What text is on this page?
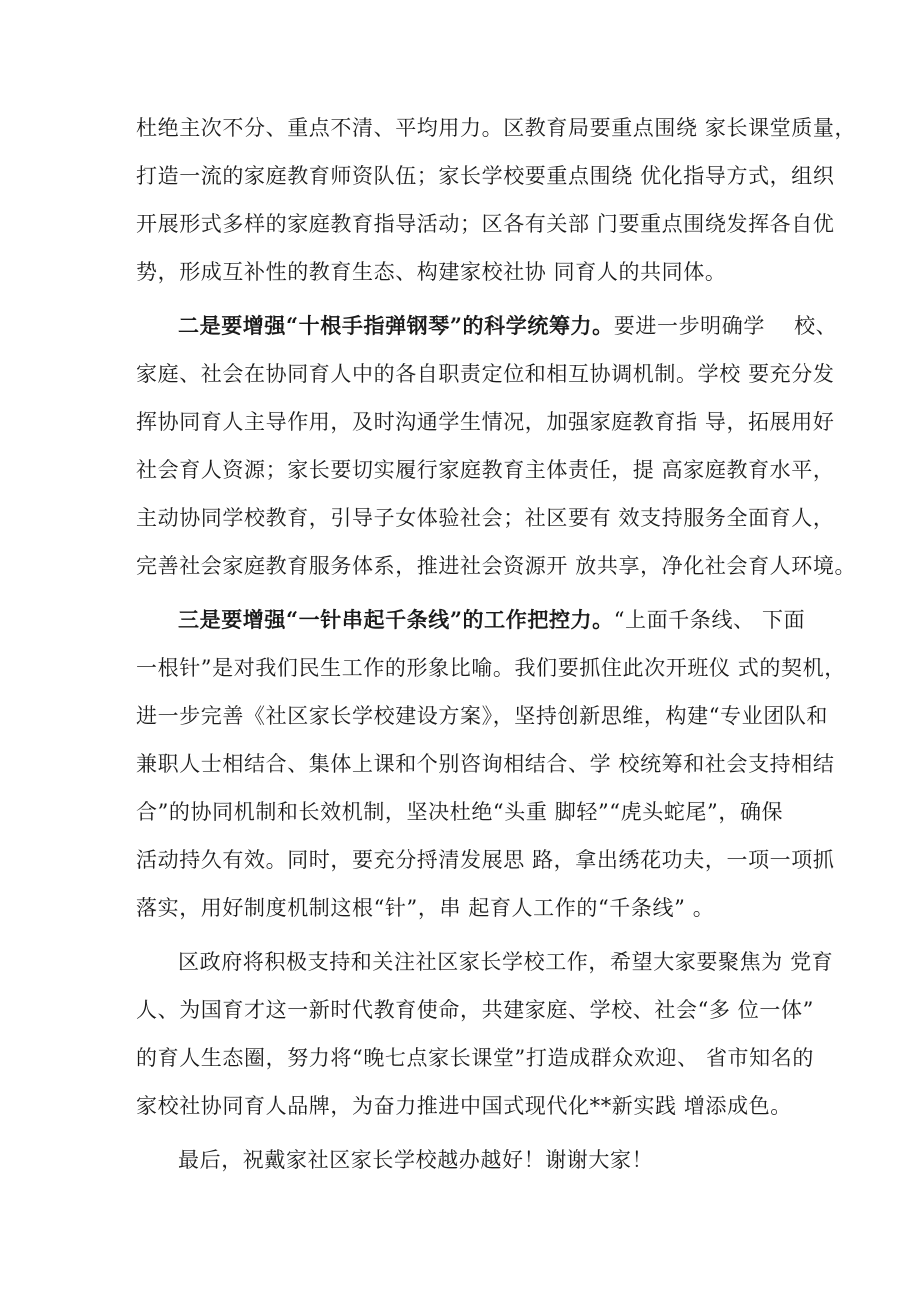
杜绝主次不分、重点不清、平均用力。区教育局要重点围绕 家长课堂质量，
打造一流的家庭教育师资队伍；家长学校要重点围绕 优化指导方式，组织
开展形式多样的家庭教育指导活动；区各有关部 门要重点围绕发挥各自优
势，形成互补性的教育生态、构建家校社协 同育人的共同体。
二是要增强“十根手指弹钢琴”的科学统筹力。要进一步明确学    校、
家庭、社会在协同育人中的各自职责定位和相互协调机制。学校 要充分发
挥协同育人主导作用，及时沟通学生情况，加强家庭教育指 导，拓展用好
社会育人资源；家长要切实履行家庭教育主体责任，提 高家庭教育水平，
主动协同学校教育，引导子女体验社会；社区要有 效支持服务全面育人，
完善社会家庭教育服务体系，推进社会资源开 放共享，净化社会育人环境。
三是要增强“一针串起千条线”的工作把控力。“上面千条线、 下面
一根针”是对我们民生工作的形象比喻。我们要抓住此次开班仪 式的契机，
进一步完善《社区家长学校建设方案》，坚持创新思维，构建“专业团队和
兼职人士相结合、集体上课和个别咨询相结合、学 校统筹和社会支持相结
合”的协同机制和长效机制，坚决杜绝“头重 脚轻”“虎头蛇尾”，确保
活动持久有效。同时，要充分捋清发展思 路，拿出绣花功夫，一项一项抓
落实，用好制度机制这根“针”，串 起育人工作的“千条线” 。
区政府将积极支持和关注社区家长学校工作，希望大家要聚焦为 党育
人、为国育才这一新时代教育使命，共建家庭、学校、社会“多 位一体”
的育人生态圈，努力将“晚七点家长课堂”打造成群众欢迎、 省市知名的
家校社协同育人品牌，为奋力推进中国式现代化**新实践 增添成色。
最后，祝戴家社区家长学校越办越好！谢谢大家！
